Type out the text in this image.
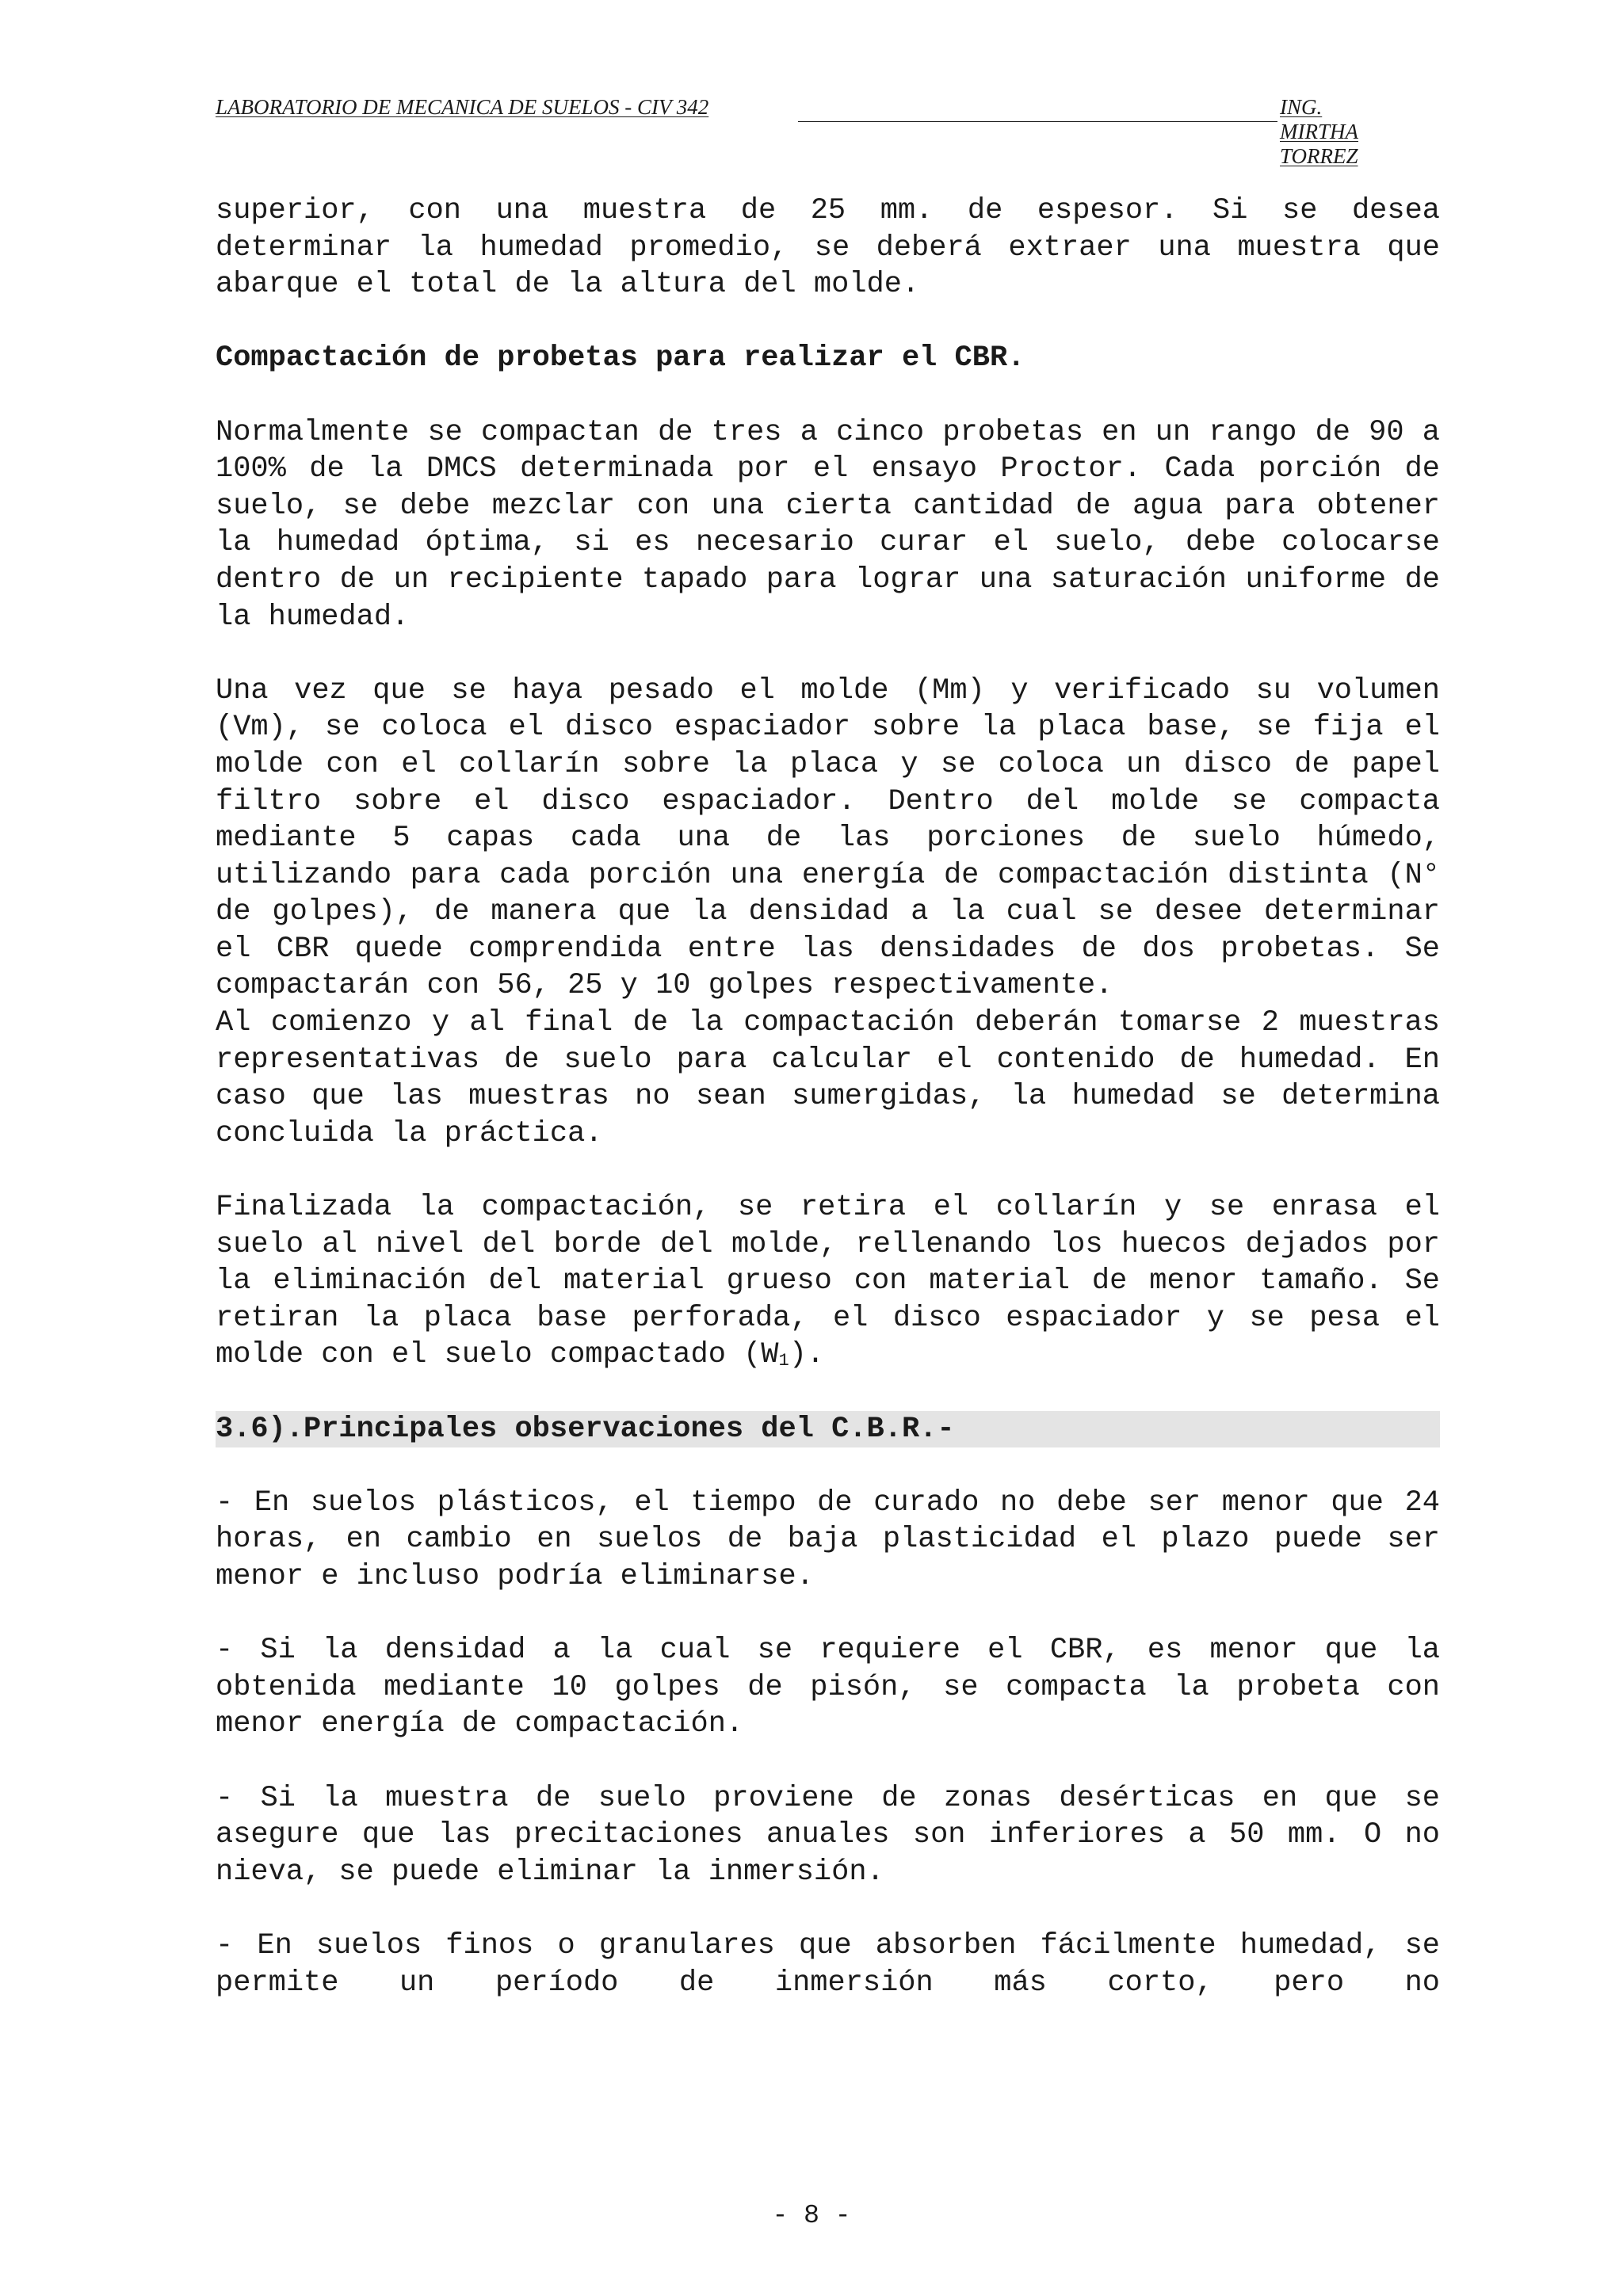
LABORATORIO DE MECANICA DE SUELOS - CIV 342	ING. MIRTHA TORREZ

superior, con una muestra de 25 mm. de espesor. Si se desea determinar la humedad promedio, se deberá extraer una muestra que abarque el total de la altura del molde.

Compactación de probetas para realizar el CBR.

Normalmente se compactan de tres a cinco probetas en un rango de 90 a 100% de la DMCS determinada por el ensayo Proctor. Cada porción de suelo, se debe mezclar con una cierta cantidad de agua para obtener la humedad óptima, si es necesario curar el suelo, debe colocarse dentro de un recipiente tapado para lograr una saturación uniforme de la humedad.

Una vez que se haya pesado el molde (Mm) y verificado su volumen (Vm), se coloca el disco espaciador sobre la placa base, se fija el molde con el collarín sobre la placa y se coloca un disco de papel filtro sobre el disco espaciador. Dentro del molde se compacta mediante 5 capas cada una de las porciones de suelo húmedo, utilizando para cada porción una energía de compactación distinta (N° de golpes), de manera que la densidad a la cual se desee determinar el CBR quede comprendida entre las densidades de dos probetas. Se compactarán con 56, 25 y 10 golpes respectivamente.

Al comienzo y al final de la compactación deberán tomarse 2 muestras representativas de suelo para calcular el contenido de humedad. En caso que las muestras no sean sumergidas, la humedad se determina concluida la práctica.

Finalizada la compactación, se retira el collarín y se enrasa el suelo al nivel del borde del molde, rellenando los huecos dejados por la eliminación del material grueso con material de menor tamaño. Se retiran la placa base perforada, el disco espaciador y se pesa el molde con el suelo compactado $(W_1)$.

3.6).Principales observaciones del C.B.R.-

- En suelos plásticos, el tiempo de curado no debe ser menor que 24 horas, en cambio en suelos de baja plasticidad el plazo puede ser menor e incluso podría eliminarse.

- Si la densidad a la cual se requiere el CBR, es menor que la obtenida mediante 10 golpes de pisón, se compacta la probeta con menor energía de compactación.

- Si la muestra de suelo proviene de zonas desérticas en que se asegure que las precitaciones anuales son inferiores a 50 mm. O no nieva, se puede eliminar la inmersión.

- En suelos finos o granulares que absorben fácilmente humedad, se permite un período de inmersión más corto, pero no

- 8 -
